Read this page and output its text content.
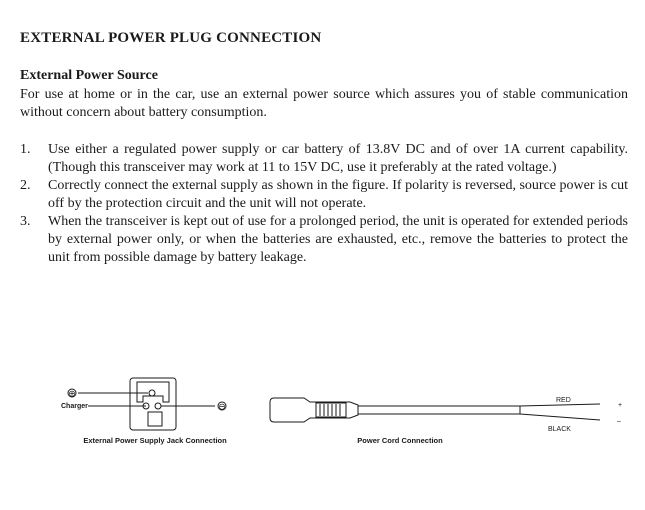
EXTERNAL POWER PLUG CONNECTION
External Power Source
For use at home or in the car, use an external power source which assures you of stable communication without concern about battery consumption.
1.	Use either a regulated power supply or car battery of 13.8V DC and of over 1A current capability. (Though this transceiver may work at 11 to 15V DC, use it preferably at the rated voltage.)
2.	Correctly connect the external supply as shown in the figure. If polarity is reversed, source power is cut off by the protection circuit and the unit will not operate.
3.	When the transceiver is kept out of use for a prolonged period, the unit is operated for extended periods by external power only, or when the batteries are exhausted, etc., remove the batteries to protect the unit from possible damage by battery leakage.
⊕
Charger	⊖
External Power Supply Jack Connection
RED
BLACK
+
–
Power Cord Connection
